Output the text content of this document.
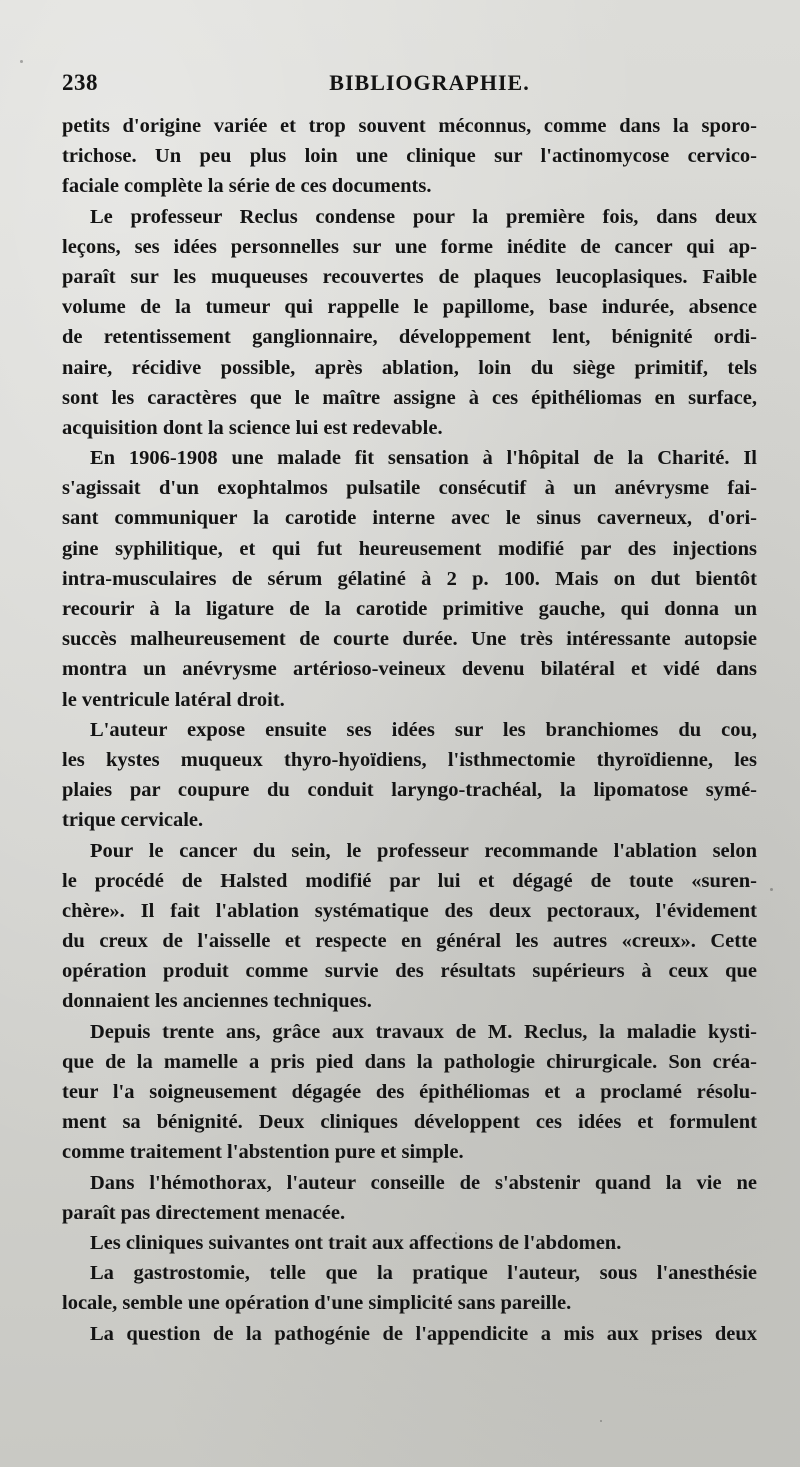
238	BIBLIOGRAPHIE.
petits d'origine variée et trop souvent méconnus, comme dans la sporo-
trichose. Un peu plus loin une clinique sur l'actinomycose cervico-
faciale complète la série de ces documents.
Le professeur Reclus condense pour la première fois, dans deux
leçons, ses idées personnelles sur une forme inédite de cancer qui ap-
paraît sur les muqueuses recouvertes de plaques leucoplasiques. Faible
volume de la tumeur qui rappelle le papillome, base indurée, absence
de retentissement ganglionnaire, développement lent, bénignité ordi-
naire, récidive possible, après ablation, loin du siège primitif, tels
sont les caractères que le maître assigne à ces épithéliomas en surface,
acquisition dont la science lui est redevable.
En 1906-1908 une malade fit sensation à l'hôpital de la Charité. Il
s'agissait d'un exophtalmos pulsatile consécutif à un anévrysme fai-
sant communiquer la carotide interne avec le sinus caverneux, d'ori-
gine syphilitique, et qui fut heureusement modifié par des injections
intra-musculaires de sérum gélatiné à 2 p. 100. Mais on dut bientôt
recourir à la ligature de la carotide primitive gauche, qui donna un
succès malheureusement de courte durée. Une très intéressante autopsie
montra un anévrysme artérioso-veineux devenu bilatéral et vidé dans
le ventricule latéral droit.
L'auteur expose ensuite ses idées sur les branchiomes du cou,
les kystes muqueux thyro-hyoïdiens, l'isthmectomie thyroïdienne, les
plaies par coupure du conduit laryngo-trachéal, la lipomatose symé-
trique cervicale.
Pour le cancer du sein, le professeur recommande l'ablation selon
le procédé de Halsted modifié par lui et dégagé de toute «suren-
chère». Il fait l'ablation systématique des deux pectoraux, l'évidement
du creux de l'aisselle et respecte en général les autres «creux». Cette
opération produit comme survie des résultats supérieurs à ceux que
donnaient les anciennes techniques.
Depuis trente ans, grâce aux travaux de M. Reclus, la maladie kysti-
que de la mamelle a pris pied dans la pathologie chirurgicale. Son créa-
teur l'a soigneusement dégagée des épithéliomas et a proclamé résolu-
ment sa bénignité. Deux cliniques développent ces idées et formulent
comme traitement l'abstention pure et simple.
Dans l'hémothorax, l'auteur conseille de s'abstenir quand la vie ne
paraît pas directement menacée.
Les cliniques suivantes ont trait aux affections de l'abdomen.
La gastrostomie, telle que la pratique l'auteur, sous l'anesthésie
locale, semble une opération d'une simplicité sans pareille.
La question de la pathogénie de l'appendicite a mis aux prises deux
